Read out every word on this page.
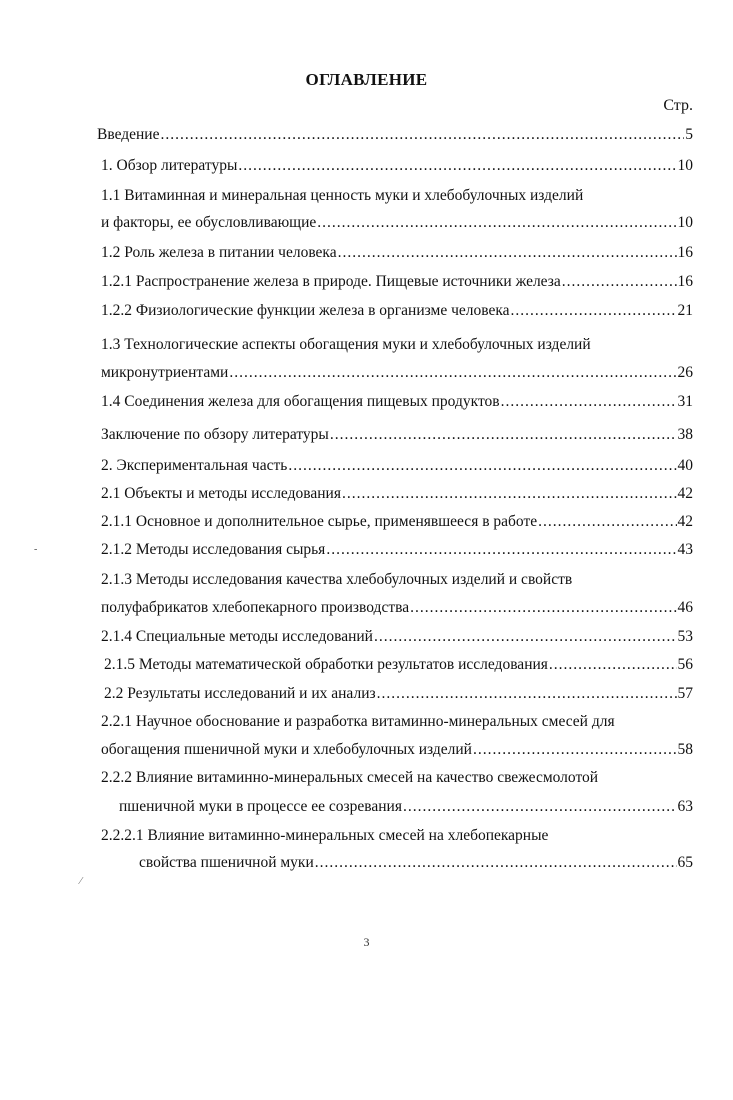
ОГЛАВЛЕНИЕ
Стр.
Введение .....	5
1. Обзор литературы .....	10
1.1 Витаминная и минеральная ценность муки и хлебобулочных изделий
и факторы, ее обусловливающие .....	10
1.2 Роль железа в питании человека .....	16
1.2.1 Распространение железа в природе. Пищевые источники железа .....	16
1.2.2 Физиологические функции железа в организме человека .....	21
1.3 Технологические аспекты обогащения муки и хлебобулочных изделий
микронутриентами .....	26
1.4 Соединения железа для обогащения пищевых продуктов .....	31
Заключение по обзору литературы .....	38
2. Экспериментальная часть .....	40
2.1 Объекты и методы исследования .....	42
2.1.1 Основное и дополнительное сырье, применявшееся в работе .....	42
2.1.2 Методы исследования сырья .....	43
2.1.3 Методы исследования качества хлебобулочных изделий и свойств
полуфабрикатов хлебопекарного производства .....	46
2.1.4 Специальные методы исследований .....	53
2.1.5 Методы математической обработки результатов исследования .....	56
2.2 Результаты исследований и их анализ .....	57
2.2.1 Научное обоснование и разработка витаминно-минеральных смесей для
обогащения пшеничной муки и хлебобулочных изделий .....	58
2.2.2 Влияние витаминно-минеральных смесей на качество свежесмолотой
пшеничной муки в процессе ее созревания .....	63
2.2.2.1 Влияние витаминно-минеральных смесей на хлебопекарные
свойства пшеничной муки .....	65
-
⁄
3
